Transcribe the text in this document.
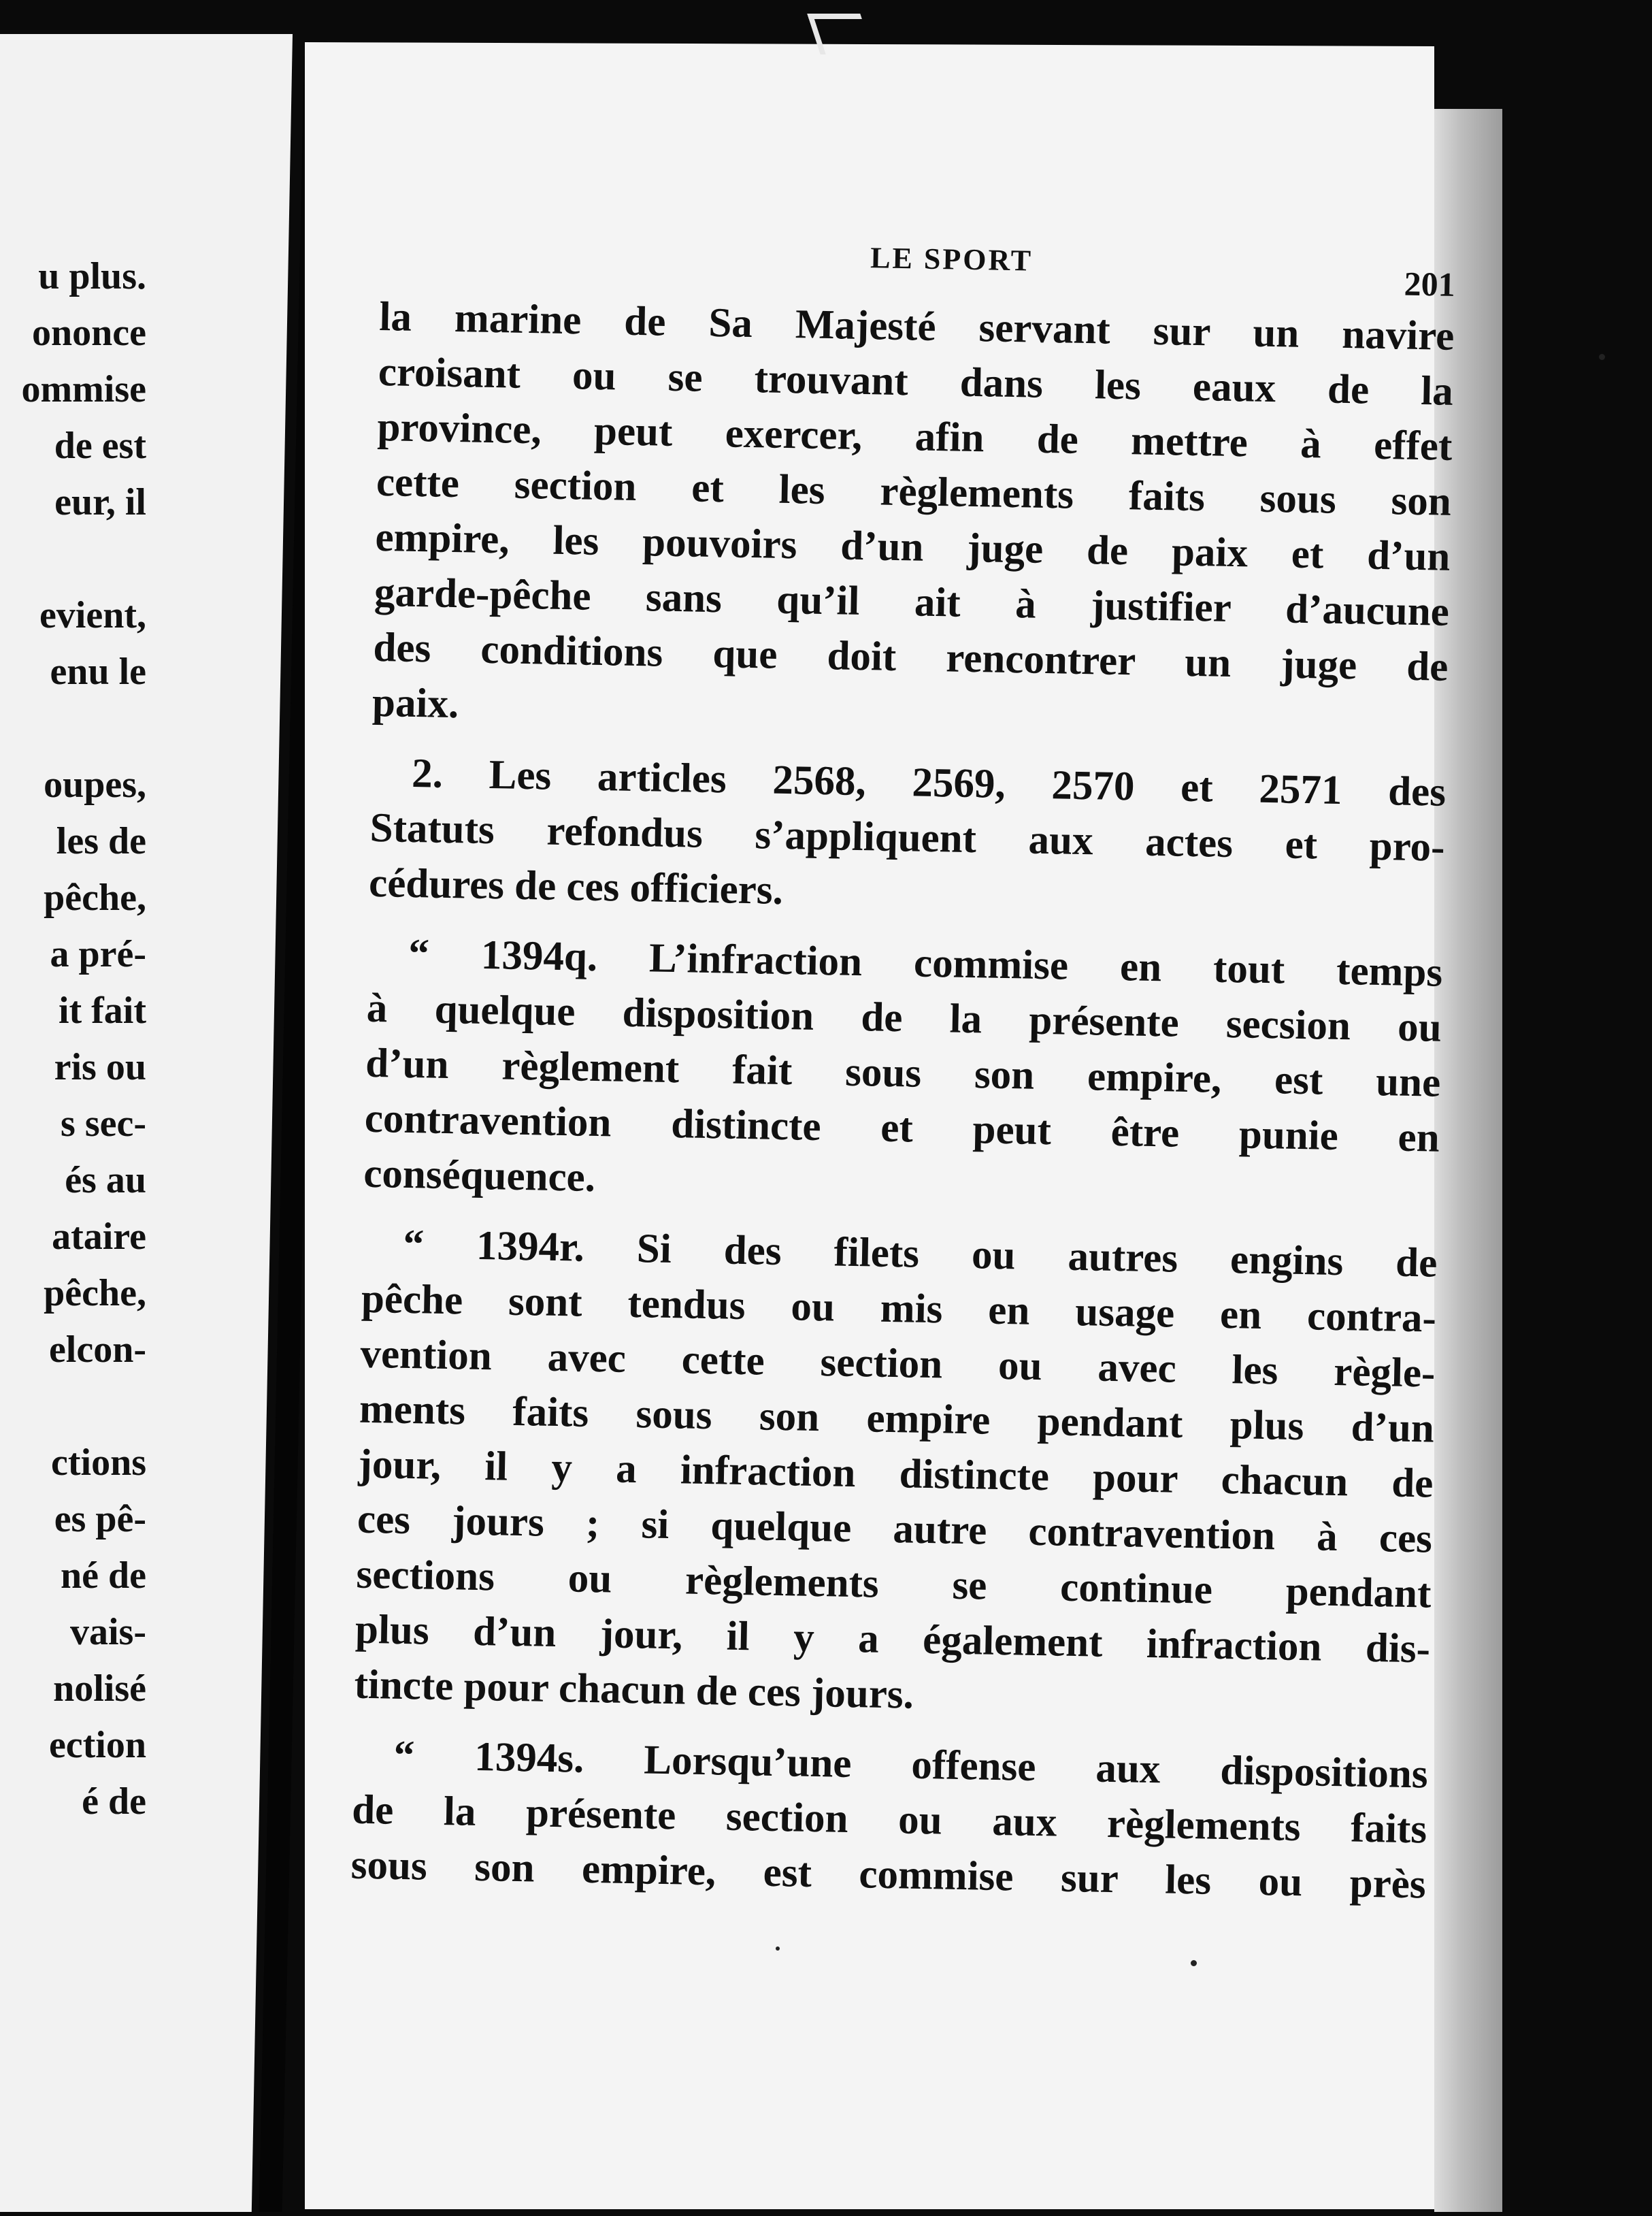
u plus.
ononce
ommise
de est
eur, il
evient,
enu le
oupes,
les de
pêche,
a pré-
it fait
ris ou
s sec-
és au
ataire
pêche,
elcon-
ctions
es pê-
né de
vais-
nolisé
ection
é de
LE SPORT
201
la marine de Sa Majesté servant sur un navire
croisant ou se trouvant dans les eaux de la
province, peut exercer, afin de mettre à effet
cette section et les règlements faits sous son
empire, les pouvoirs d’un juge de paix et d’un
garde-pêche sans qu’il ait à justifier d’aucune
des conditions que doit rencontrer un juge de
paix.
2. Les articles 2568, 2569, 2570 et 2571 des
Statuts refondus s’appliquent aux actes et pro-
cédures de ces officiers.
“ 1394q. L’infraction commise en tout temps
à quelque disposition de la présente secsion ou
d’un règlement fait sous son empire, est une
contravention distincte et peut être punie en
conséquence.
“ 1394r. Si des filets ou autres engins de
pêche sont tendus ou mis en usage en contra-
vention avec cette section ou avec les règle-
ments faits sous son empire pendant plus d’un
jour, il y a infraction distincte pour chacun de
ces jours ; si quelque autre contravention à ces
sections ou règlements se continue pendant
plus d’un jour, il y a également infraction dis-
tincte pour chacun de ces jours.
“ 1394s. Lorsqu’une offense aux dispositions
de la présente section ou aux règlements faits
sous son empire, est commise sur les ou près
